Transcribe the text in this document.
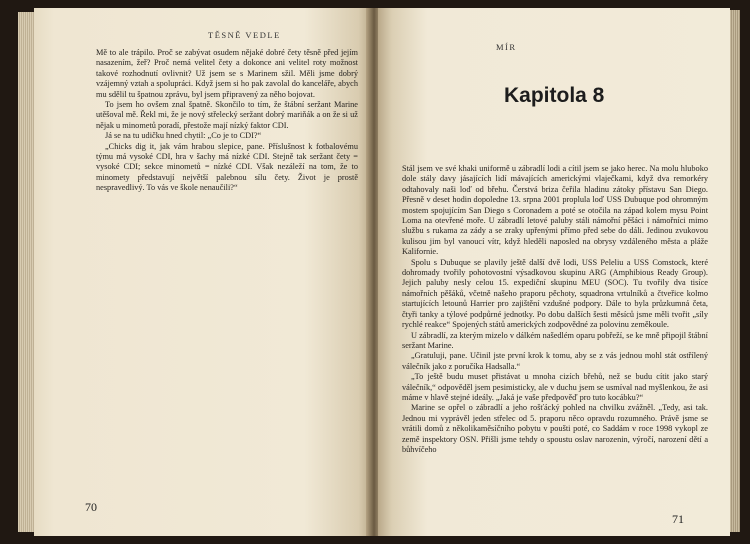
TĚSNĚ VEDLE

Mě to ale trápilo. Proč se zabývat osudem nějaké dobré čety těsně před jejím nasazením, žeř? Proč nemá velitel čety a dokonce ani velitel roty možnost takové rozhodnutí ovlivnit? Už jsem se s Marinem sžil. Měli jsme dobrý vzájemný vztah a spolupráci. Když jsem si ho pak zavolal do kanceláře, abych mu sdělil tu špatnou zprávu, byl jsem připravený za něho bojovat.

To jsem ho ovšem znal špatně. Skončilo to tím, že štábní seržant Marine utěšoval mě. Řekl mi, že je nový střelecký seržant dobrý mariňák a on že si už nějak u minometů poradí, přestože mají nízký faktor CDI.

Já se na tu udičku hned chytil: „Co je to CDI?“

„Chicks dig it, jak vám hrabou slepice, pane. Příslušnost k fotbalovému týmu má vysoké CDI, hra v šachy má nízké CDI. Stejně tak seržant čety = vysoké CDI; sekce minometů = nízké CDI. Však nezáleží na tom, že to minomety představují největší palebnou sílu čety. Život je prostě nespravedlivý. To vás ve škole nenaučili?“

70
MÍR
Kapitola 8

Stál jsem ve své khaki uniformě u zábradlí lodi a cítil jsem se jako herec. Na molu hluboko dole stály davy jásajících lidí mávajících americkými vlaječkami, když dva remorkéry odtahovaly naši loď od břehu. Čerstvá briza čeřila hladinu zátoky přístavu San Diego. Přesně v deset hodin dopoledne 13. srpna 2001 proplula loď USS Dubuque pod ohromným mostem spojujícím San Diego s Coronadem a poté se otočila na západ kolem mysu Point Loma na otevřené moře. U zábradlí letové paluby stáli námořní pěšáci i námořníci mimo službu s rukama za zády a se zraky upřenými přímo před sebe do dáli. Jedinou zvukovou kulisou jim byl vanoucí vítr, když hleděli naposled na obrysy vzdáleného města a pláže Kalifornie.

Spolu s Dubuque se plavily ještě další dvě lodi, USS Peleliu a USS Comstock, které dohromady tvořily pohotovostní výsadkovou skupinu ARG (Amphibious Ready Group). Jejich paluby nesly celou 15. expediční skupinu MEU (SOC). Tu tvořily dva tisíce námořních pěšáků, včetně našeho praporu pěchoty, squadrona vrtulníků a čtveřice kolmo startujících letounů Harrier pro zajištění vzdušné podpory. Dále to byla průzkumná četa, čtyři tanky a týlové podpůrné jednotky. Po dobu dalších šesti měsíců jsme měli tvořit „síly rychlé reakce“ Spojených států amerických zodpovědné za polovinu zeměkoule.

U zábradlí, za kterým mizelo v dálkém našedlém oparu pobřeží, se ke mně připojil štábní seržant Marine.

„Gratuluji, pane. Učinil jste první krok k tomu, aby se z vás jednou mohl stát ostřílený válečník jako z poručíka Hadsalla.“

„To ještě budu muset přistávat u mnoha cizích břehů, než se budu cítit jako starý válečník,“ odpověděl jsem pesimisticky, ale v duchu jsem se usmíval nad myšlenkou, že asi máme v hlavě stejné ideály. „Jaká je vaše předpověď pro tuto kocábku?“

Marine se opřel o zábradlí a jeho rošťácký pohled na chvilku zvážněl. „Tedy, asi tak. Jednou mi vyprávěl jeden střelec od 5. praporu něco opravdu rozumného. Právě jsme se vrátili domů z několikaměsíčního pobytu v poušti poté, co Saddám v roce 1998 vykopl ze země inspektory OSN. Přišli jsme tehdy o spoustu oslav narozenin, výročí, narození dětí a bůhvíčeho

71
